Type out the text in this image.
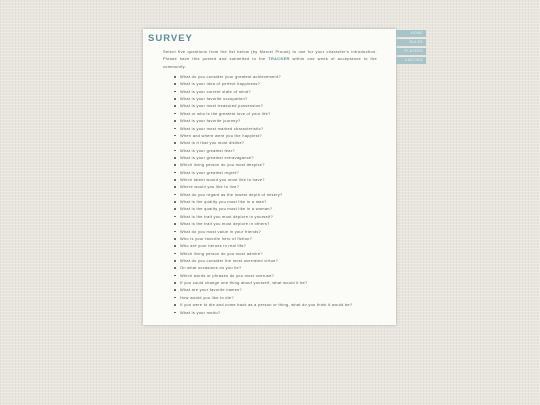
SURVEY
Select five questions from the list below (by Marcel Proust) to use for your character's introduction. Please have this posted and submitted to the TRACKER within one week of acceptance to the community.
What do you consider your greatest achievement?
What is your idea of perfect happiness?
What is your current state of mind?
What is your favorite occupation?
What is your most treasured possession?
What or who is the greatest love of your life?
What is your favorite journey?
What is your most marked characteristic?
When and where were you the happiest?
What is it that you most dislike?
What is your greatest fear?
What is your greatest extravagance?
Which living person do you most despise?
What is your greatest regret?
Which talent would you most like to have?
Where would you like to live?
What do you regard as the lowest depth of misery?
What is the quality you most like in a man?
What is the quality you most like in a woman?
What is the trait you most deplore in yourself?
What is the trait you most deplore in others?
What do you most value in your friends?
Who is your favorite hero of fiction?
Who are your heroes in real life?
Which living person do you most admire?
What do you consider the most overrated virtue?
On what occasions do you lie?
Which words or phrases do you most overuse?
If you could change one thing about yourself, what would it be?
What are your favorite names?
How would you like to die?
If you were to die and come back as a person or thing, what do you think it would be?
What is your motto?
HOME
RULES
PLAYERS
CASTING
